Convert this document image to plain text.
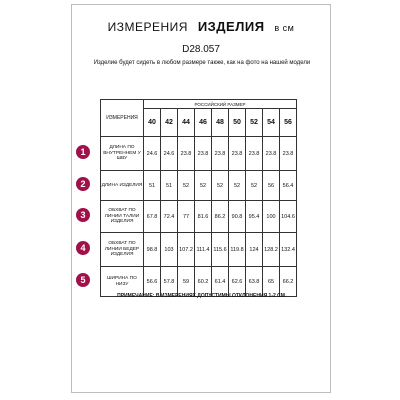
ИЗМЕРЕНИЯ ИЗДЕЛИЯ в см
D28.057
Изделие будет сидеть в любом размере также, как на фото на нашей модели
1
2
3
4
5
ИЗМЕРЕНИЯ	РОССИЙСКИЙ РАЗМЕР								
	40	42	44	46	48	50	52	54	56
ДЛИНА ПО ВНУТРЕННЕМ У ШВУ	24.6	24.6	23.8	23.8	23.8	23.8	23.8	23.8	23.8
ДЛИНА ИЗДЕЛИЯ	51	51	52	52	52	52	52	56	56.4
ОБХВАТ ПО ЛИНИИ ТАЛИИ ИЗДЕЛИЯ	67.8	72.4	77	81.6	86.2	90.8	95.4	100	104.6
ОБХВАТ ПО ЛИНИИ БЕДЕР ИЗДЕЛИЯ	98.8	103	107.2	111.4	115.6	119.8	124	128.2	132.4
ШИРИНА ПО НИЗУ	56.6	57.8	59	60.2	61.4	62.6	63.8	65	66.2
ПРИМЕЧАНИЕ: В ИЗМЕРЕНИЯХ ДОПУСТИМЫ ОТКЛОНЕНИЯ 1-2 СМ
